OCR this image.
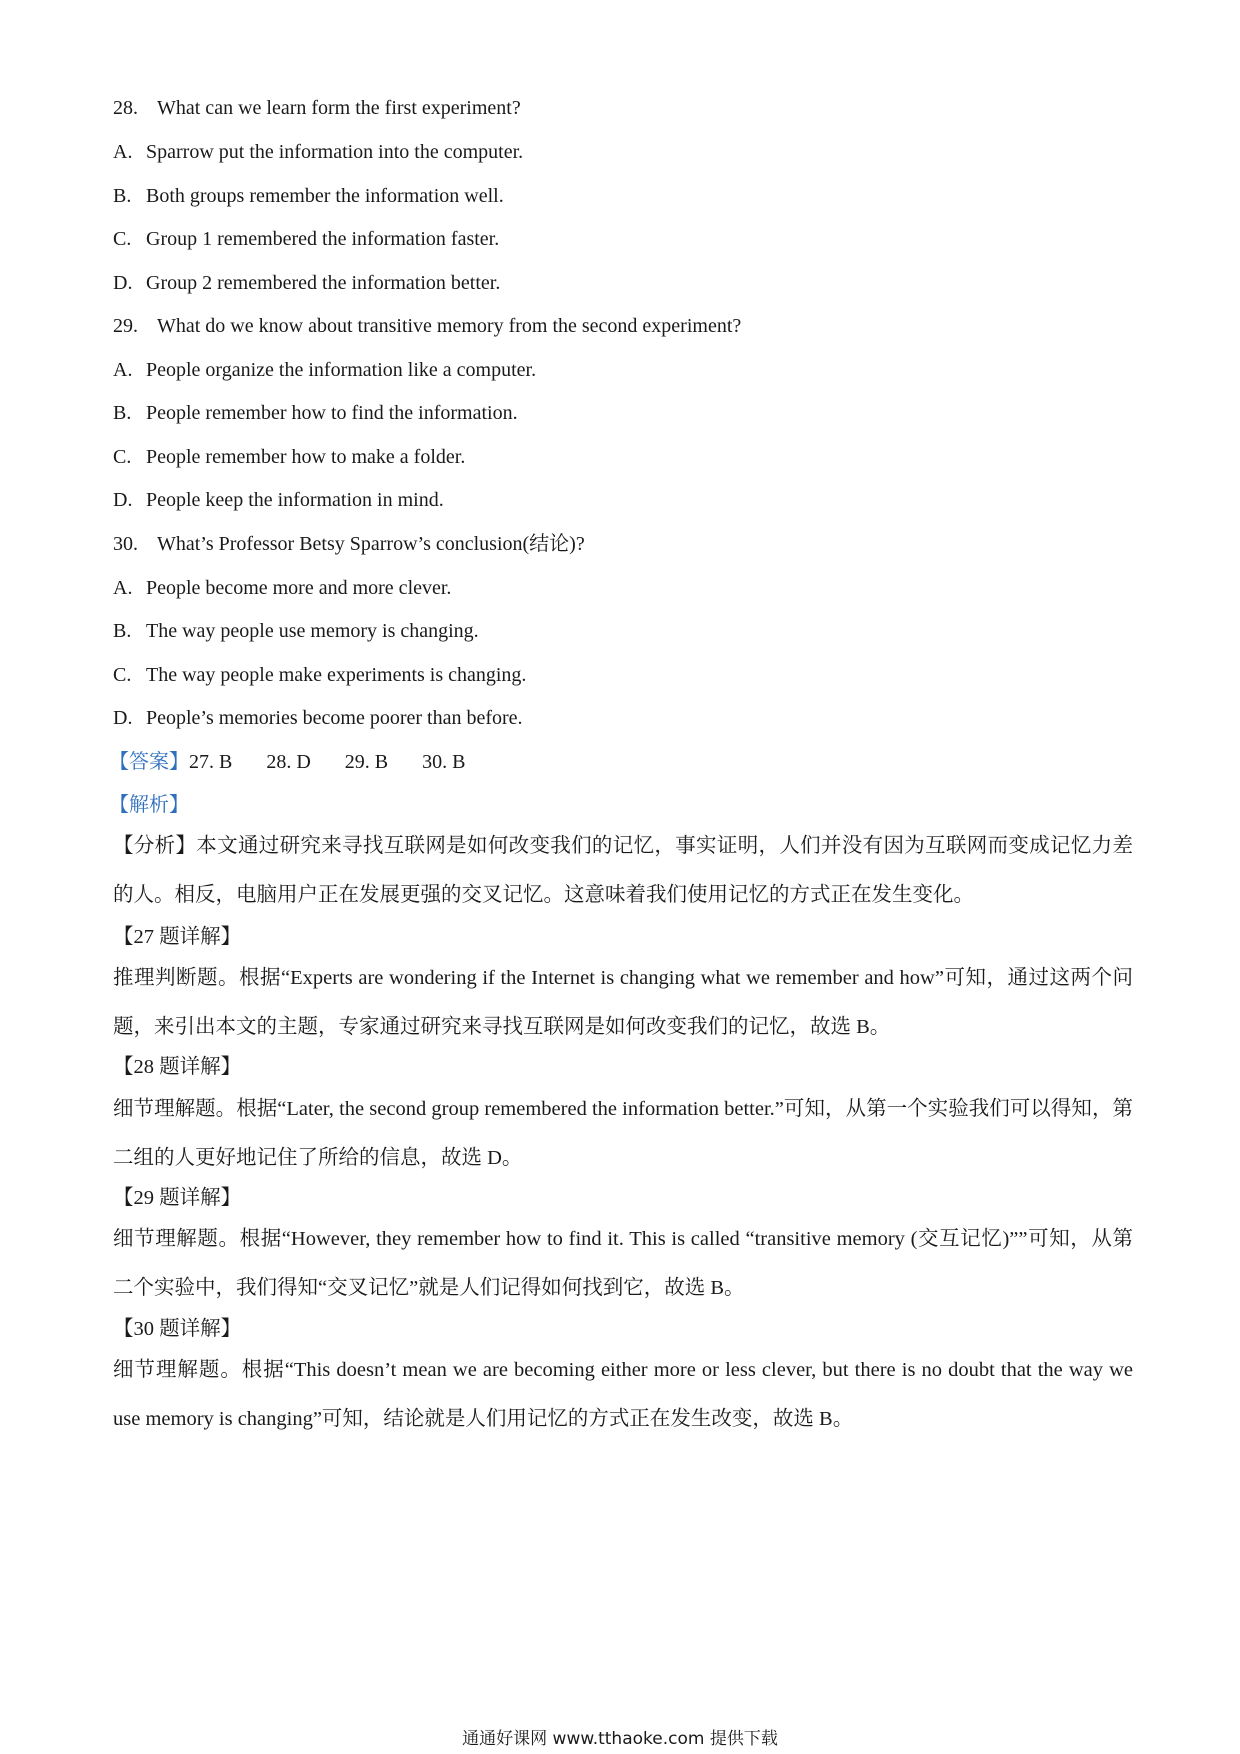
28. What can we learn form the first experiment?

A. Sparrow put the information into the computer.

B. Both groups remember the information well.

C. Group 1 remembered the information faster.

D. Group 2 remembered the information better.

29. What do we know about transitive memory from the second experiment?

A. People organize the information like a computer.

B. People remember how to find the information.

C. People remember how to make a folder.

D. People keep the information in mind.

30. What’s Professor Betsy Sparrow’s conclusion(结论)?

A. People become more and more clever.

B. The way people use memory is changing.

C. The way people make experiments is changing.

D. People’s memories become poorer than before.

【答案】27. B 28. D 29. B 30. B

【解析】

【分析】本文通过研究来寻找互联网是如何改变我们的记忆，事实证明，人们并没有因为互联网而变成记忆力差的人。相反，电脑用户正在发展更强的交叉记忆。这意味着我们使用记忆的方式正在发生变化。

【27 题详解】

推理判断题。根据“Experts are wondering if the Internet is changing what we remember and how”可知，通过这两个问题，来引出本文的主题，专家通过研究来寻找互联网是如何改变我们的记忆，故选 B。

【28 题详解】

细节理解题。根据“Later, the second group remembered the information better.”可知，从第一个实验我们可以得知，第二组的人更好地记住了所给的信息，故选 D。

【29 题详解】

细节理解题。根据“However, they remember how to find it. This is called “transitive memory (交互记忆)””可知，从第二个实验中，我们得知“交叉记忆”就是人们记得如何找到它，故选 B。

【30 题详解】

细节理解题。根据“This doesn’t mean we are becoming either more or less clever, but there is no doubt that the way we use memory is changing”可知，结论就是人们用记忆的方式正在发生改变，故选 B。

通通好课网 www.tthaoke.com 提供下载
